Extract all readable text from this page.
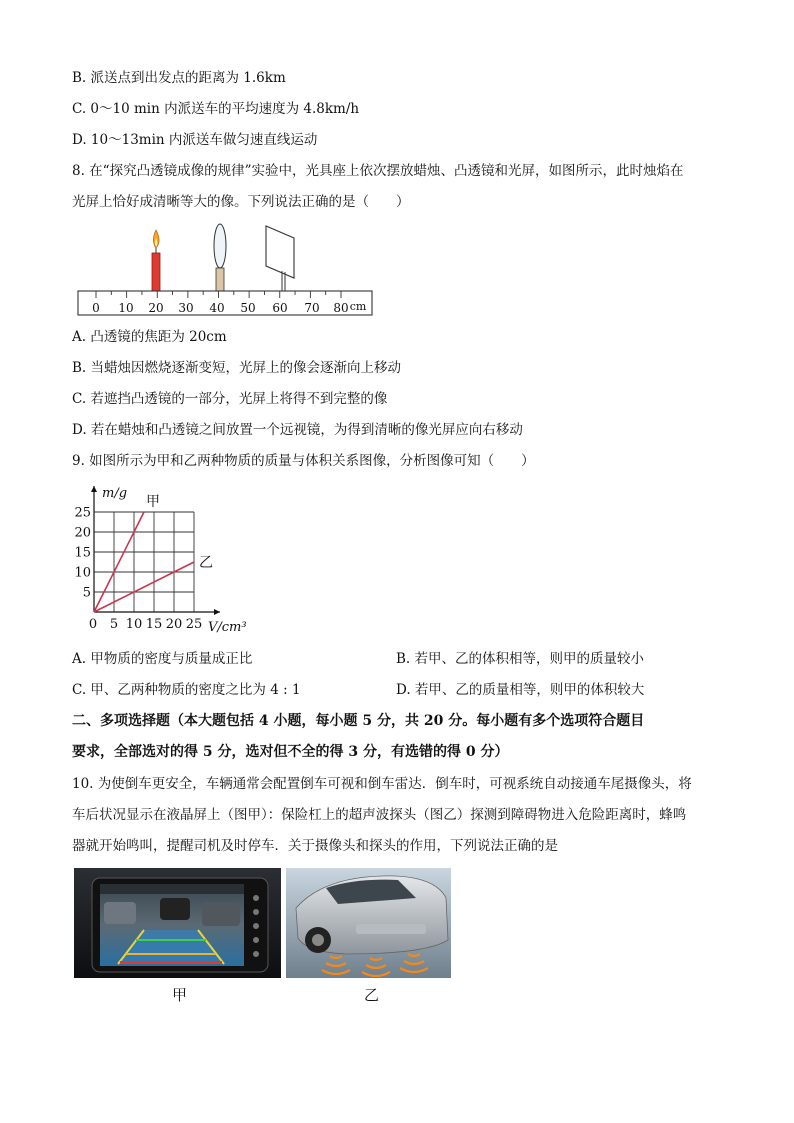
B. 派送点到出发点的距离为 1.6km
C. 0～10 min 内派送车的平均速度为 4.8km/h
D. 10～13min 内派送车做匀速直线运动
8. 在“探究凸透镜成像的规律”实验中，光具座上依次摆放蜡烛、凸透镜和光屏，如图所示，此时烛焰在
光屏上恰好成清晰等大的像。下列说法正确的是（　　）
0 10 20 30 40 50 60 70 80 cm
A. 凸透镜的焦距为 20cm
B. 当蜡烛因燃烧逐渐变短，光屏上的像会逐渐向上移动
C. 若遮挡凸透镜的一部分，光屏上将得不到完整的像
D. 若在蜡烛和凸透镜之间放置一个远视镜，为得到清晰的像光屏应向右移动
9. 如图所示为甲和乙两种物质的质量与体积关系图像，分析图像可知（　　）
5
10
15
20
25
0 5 10 15 20 25
m/g
V/cm³
甲
乙
A. 甲物质的密度与质量成正比	B. 若甲、乙的体积相等，则甲的质量较小
C. 甲、乙两种物质的密度之比为 4 : 1	D. 若甲、乙的质量相等，则甲的体积较大
二、多项选择题（本大题包括 4 小题，每小题 5 分，共 20 分。每小题有多个选项符合题目
要求，全部选对的得 5 分，选对但不全的得 3 分，有选错的得 0 分）
10. 为使倒车更安全，车辆通常会配置倒车可视和倒车雷达．倒车时，可视系统自动接通车尾摄像头，将
车后状况显示在液晶屏上（图甲）：保险杠上的超声波探头（图乙）探测到障碍物进入危险距离时，蜂鸣
器就开始鸣叫，提醒司机及时停车．关于摄像头和探头的作用，下列说法正确的是
甲	乙
